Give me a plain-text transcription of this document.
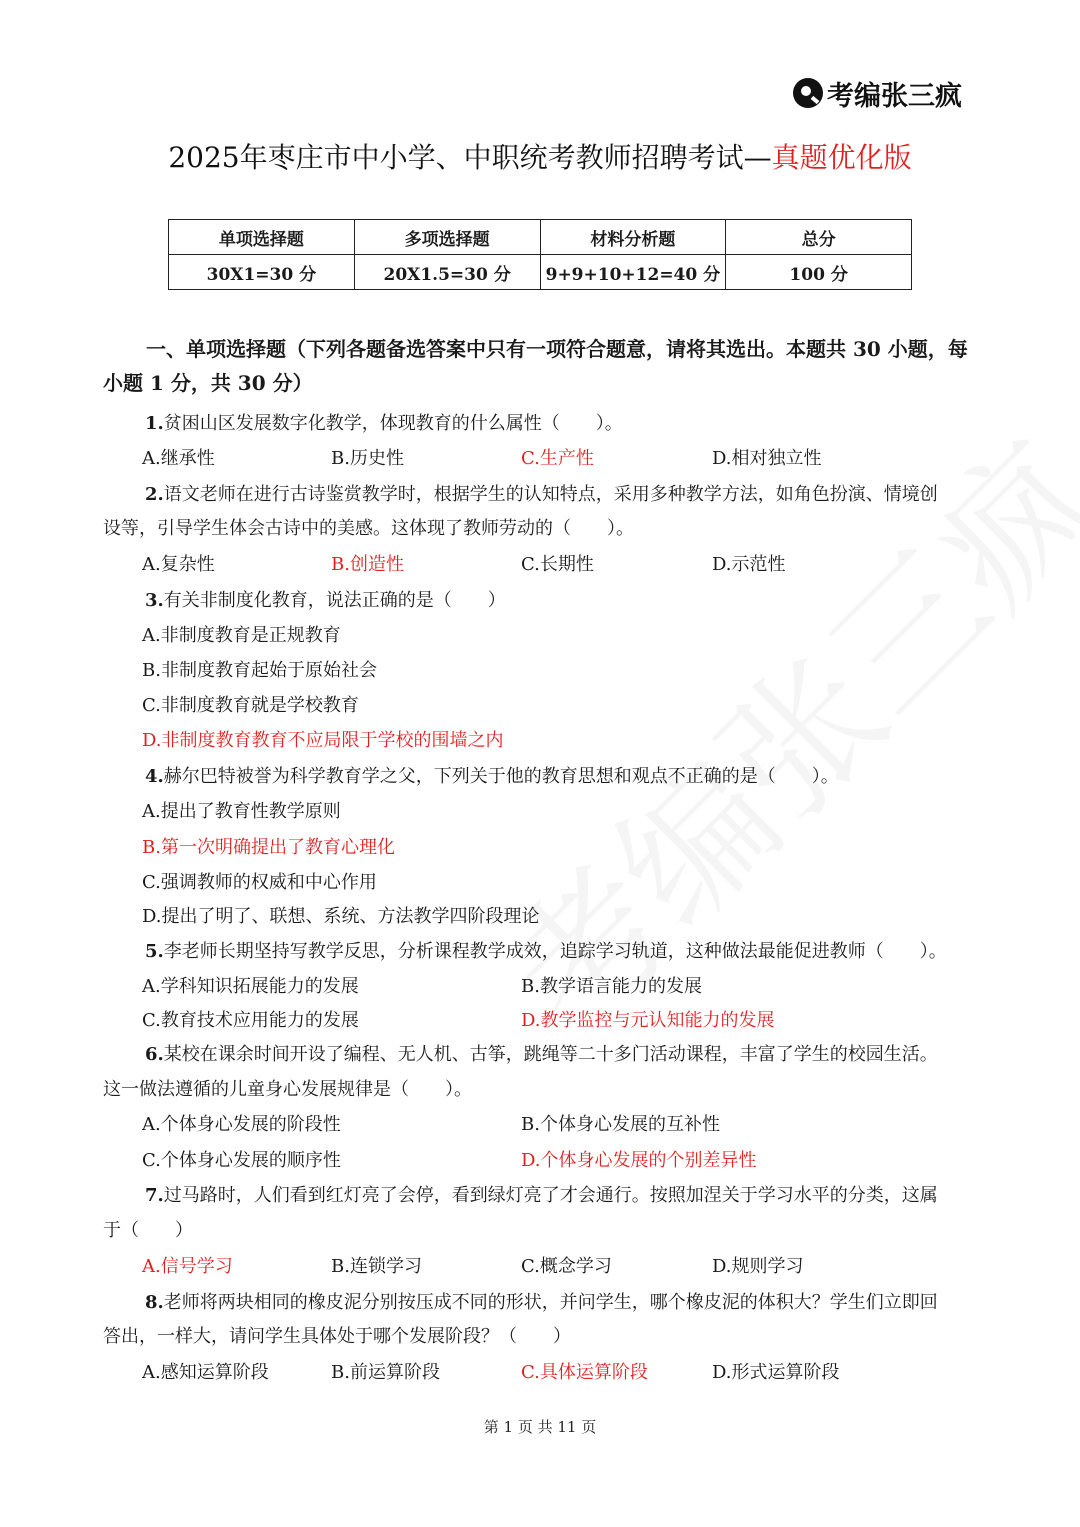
考编张三疯
2025年枣庄市中小学、中职统考教师招聘考试—真题优化版
单项选择题	多项选择题	材料分析题	总分
30X1=30 分	20X1.5=30 分	9+9+10+12=40 分	100 分
一、单项选择题（下列各题备选答案中只有一项符合题意，请将其选出。本题共 30 小题，每小题 1 分，共 30 分）
1.贫困山区发展数字化教学，体现教育的什么属性（　　）。
A.继承性	B.历史性	C.生产性	D.相对独立性
2.语文老师在进行古诗鉴赏教学时，根据学生的认知特点，采用多种教学方法，如角色扮演、情境创
设等，引导学生体会古诗中的美感。这体现了教师劳动的（　　）。
A.复杂性	B.创造性	C.长期性	D.示范性
3.有关非制度化教育，说法正确的是（　　）
A.非制度教育是正规教育
B.非制度教育起始于原始社会
C.非制度教育就是学校教育
D.非制度教育教育不应局限于学校的围墙之内
4.赫尔巴特被誉为科学教育学之父，下列关于他的教育思想和观点不正确的是（　　）。
A.提出了教育性教学原则
B.第一次明确提出了教育心理化
C.强调教师的权威和中心作用
D.提出了明了、联想、系统、方法教学四阶段理论
5.李老师长期坚持写教学反思，分析课程教学成效，追踪学习轨道，这种做法最能促进教师（　　）。
A.学科知识拓展能力的发展	B.教学语言能力的发展
C.教育技术应用能力的发展	D.教学监控与元认知能力的发展
6.某校在课余时间开设了编程、无人机、古筝，跳绳等二十多门活动课程，丰富了学生的校园生活。
这一做法遵循的儿童身心发展规律是（　　）。
A.个体身心发展的阶段性	B.个体身心发展的互补性
C.个体身心发展的顺序性	D.个体身心发展的个别差异性
7.过马路时，人们看到红灯亮了会停，看到绿灯亮了才会通行。按照加涅关于学习水平的分类，这属
于（　　）
A.信号学习	B.连锁学习	C.概念学习	D.规则学习
8.老师将两块相同的橡皮泥分别按压成不同的形状，并问学生，哪个橡皮泥的体积大？学生们立即回
答出，一样大，请问学生具体处于哪个发展阶段？（　　）
A.感知运算阶段	B.前运算阶段	C.具体运算阶段	D.形式运算阶段
第 1 页 共 11 页
